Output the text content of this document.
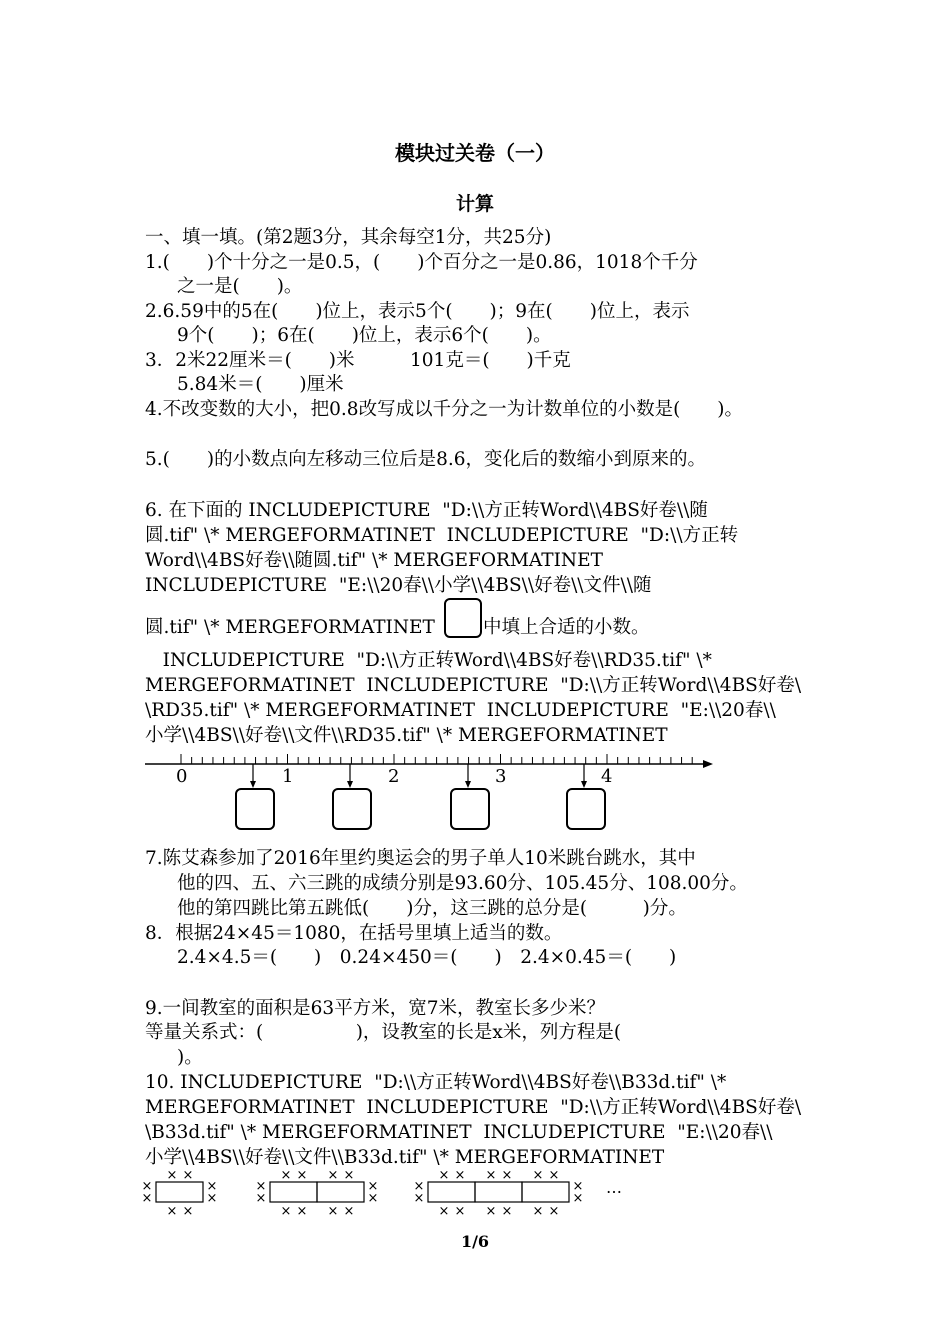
模块过关卷（一）
计算
一、填一填。(第2题3分，其余每空1分，共25分)
1.(　　)个十分之一是0.5，(　　)个百分之一是0.86，1018个千分
之一是(　　)。
2.6.59中的5在(　　)位上，表示5个(　　)；9在(　　)位上，表示
9个(　　)；6在(　　)位上，表示6个(　　)。
3．2米22厘米＝(　　)米　　　101克＝(　　)千克
5.84米＝(　　)厘米
4.不改变数的大小，把0.8改写成以千分之一为计数单位的小数是(　　)。
5.(　　)的小数点向左移动三位后是8.6，变化后的数缩小到原来的。
6. 在下面的 INCLUDEPICTURE  "D:\\方正转Word\\4BS好卷\\随
圆.tif" \* MERGEFORMATINET  INCLUDEPICTURE  "D:\\方正转
Word\\4BS好卷\\随圆.tif" \* MERGEFORMATINET
INCLUDEPICTURE  "E:\\20春\\小学\\4BS\\好卷\\文件\\随
圆.tif" \* MERGEFORMATINET 中填上合适的小数。
INCLUDEPICTURE  "D:\\方正转Word\\4BS好卷\\RD35.tif" \*
MERGEFORMATINET  INCLUDEPICTURE  "D:\\方正转Word\\4BS好卷\
\RD35.tif" \* MERGEFORMATINET  INCLUDEPICTURE  "E:\\20春\\
小学\\4BS\\好卷\\文件\\RD35.tif" \* MERGEFORMATINET
0	1	2	3	4
7.陈艾森参加了2016年里约奥运会的男子单人10米跳台跳水，其中
他的四、五、六三跳的成绩分别是93.60分、105.45分、108.00分。
他的第四跳比第五跳低(　　)分，这三跳的总分是(　　　)分。
8．根据24×45＝1080，在括号里填上适当的数。
2.4×4.5＝(　　)　0.24×450＝(　　)　2.4×0.45＝(　　)
9.一间教室的面积是63平方米，宽7米，教室长多少米？
等量关系式：(　　　　　)，设教室的长是x米，列方程是(
)。
10. INCLUDEPICTURE  "D:\\方正转Word\\4BS好卷\\B33d.tif" \*
MERGEFORMATINET  INCLUDEPICTURE  "D:\\方正转Word\\4BS好卷\
\B33d.tif" \* MERGEFORMATINET  INCLUDEPICTURE  "E:\\20春\\
小学\\4BS\\好卷\\文件\\B33d.tif" \* MERGEFORMATINET
× ×
× ×
×
×
×
×
× ×
× ×
× ×
× ×
×
×
×
×
× ×
× ×
× ×
× ×
× ×
× ×
×
×
×
×
…
1/6
